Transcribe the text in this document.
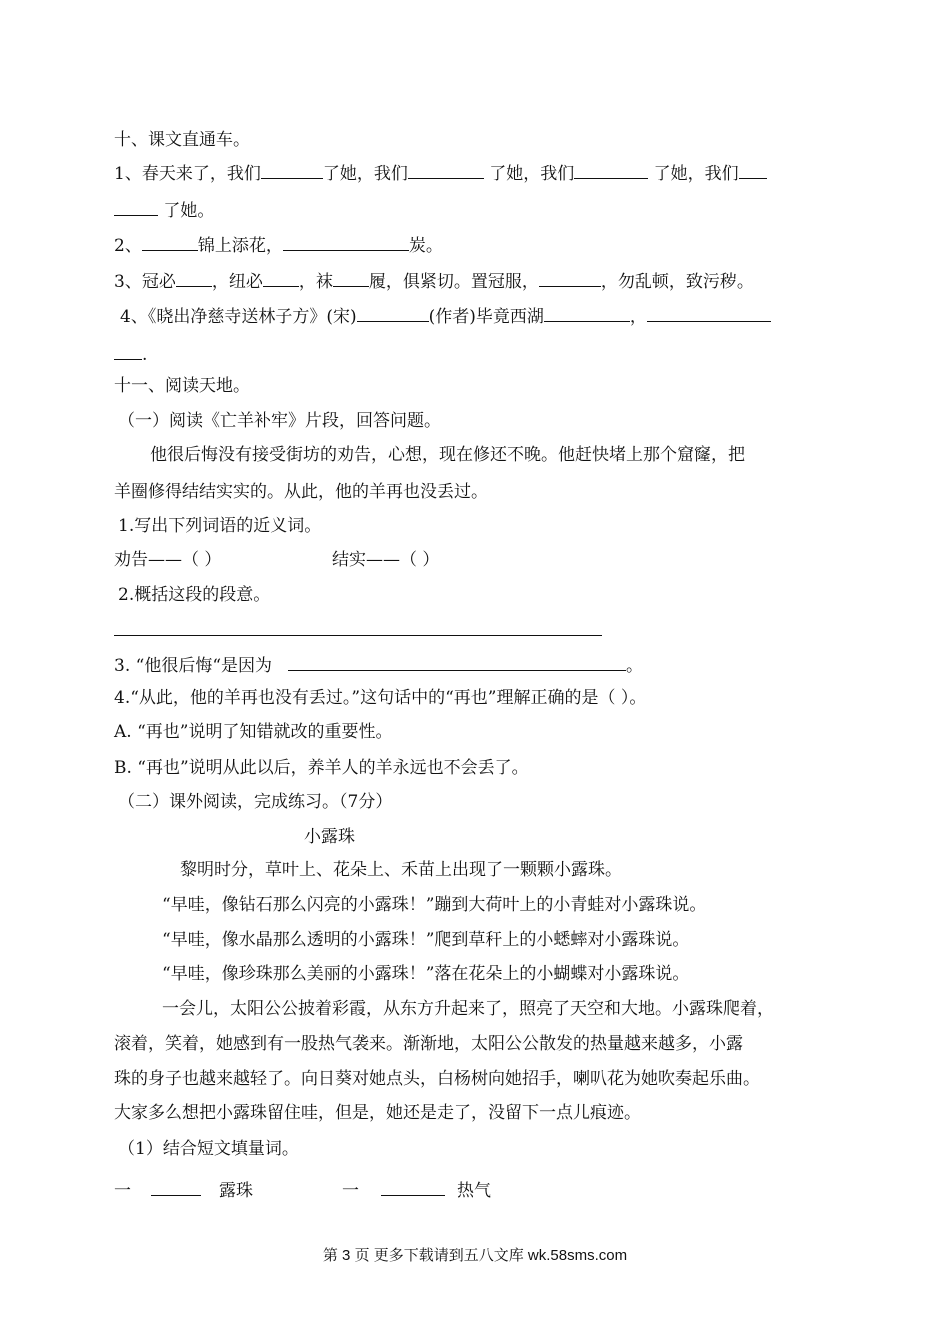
十、课文直通车。
1、春天来了，我们	了她，我们	了她，我们	了她，我们
了她。
2、	锦上添花，	炭。
3、冠必 ，纽必 ，袜 履，俱紧切。置冠服，	，勿乱顿，致污秽。
4、《晓出净慈寺送林子方》(宋)	(作者)毕竟西湖	，
.
十一、阅读天地。
（一）阅读《亡羊补牢》片段，回答问题。
他很后悔没有接受街坊的劝告，心想，现在修还不晚。他赶快堵上那个窟窿，把
羊圈修得结结实实的。从此，他的羊再也没丢过。
1.写出下列词语的近义词。
劝告——（ ）	结实——（ ）
2.概括这段的段意。
3. “他很后悔“是因为	。
4.“从此，他的羊再也没有丢过。”这句话中的“再也”理解正确的是（ ）。
A. “再也”说明了知错就改的重要性。
B. “再也”说明从此以后，养羊人的羊永远也不会丢了。
（二）课外阅读，完成练习。（7分）
小露珠
黎明时分，草叶上、花朵上、禾苗上出现了一颗颗小露珠。
“早哇，像钻石那么闪亮的小露珠！”蹦到大荷叶上的小青蛙对小露珠说。
“早哇，像水晶那么透明的小露珠！”爬到草秆上的小蟋蟀对小露珠说。
“早哇，像珍珠那么美丽的小露珠！”落在花朵上的小蝴蝶对小露珠说。
一会儿，太阳公公披着彩霞，从东方升起来了，照亮了天空和大地。小露珠爬着，
滚着，笑着，她感到有一股热气袭来。渐渐地，太阳公公散发的热量越来越多，小露
珠的身子也越来越轻了。向日葵对她点头，白杨树向她招手，喇叭花为她吹奏起乐曲。
大家多么想把小露珠留住哇，但是，她还是走了，没留下一点儿痕迹。
（1）结合短文填量词。
一	露珠	一	热气
第 3 页 更多下载请到五八文库 wk.58sms.com
